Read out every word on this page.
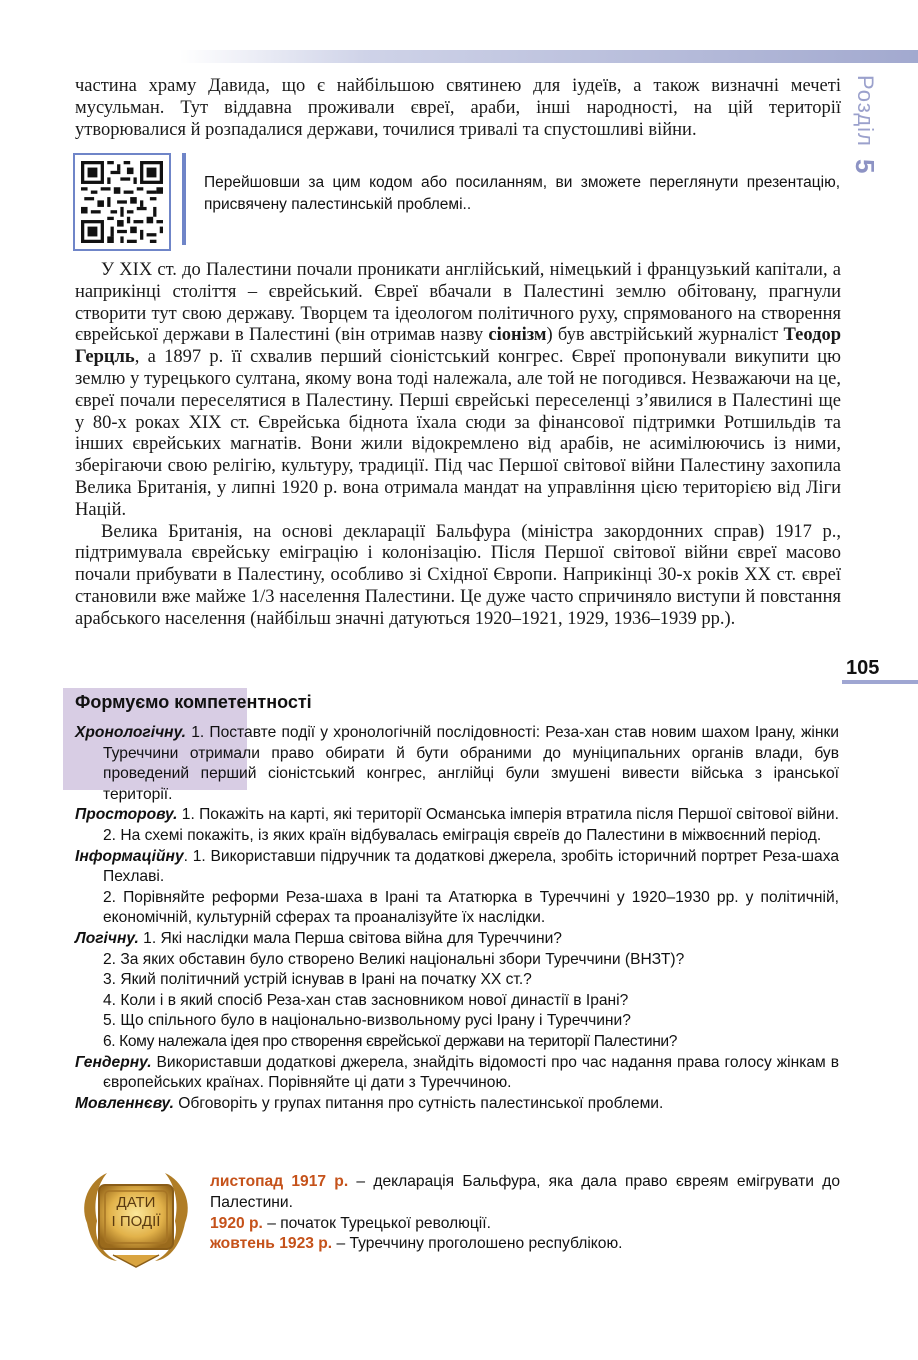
Розділ
5
частина храму Давида, що є найбільшою святинею для іудеїв, а також визначні мечеті мусульман. Тут віддавна проживали євреї, араби, інші народності, на цій території утворювалися й розпадалися держави, точилися тривалі та спустошливі війни.
Перейшовши за цим кодом або посиланням, ви зможете переглянути презентацію, присвячену палестинській проблемі..

У XIX ст. до Палестини почали проникати англійський, німецький і французький капітали, а наприкінці століття – єврейський. Євреї вбачали в Палестині землю обітовану, прагнули створити тут свою державу. Творцем та ідеологом політичного руху, спрямованого на створення єврейської держави в Палестині (він отримав назву сіонізм) був австрійський журналіст Теодор Герцль, а 1897 р. її схвалив перший сіоністський конгрес. Євреї пропонували викупити цю землю у турецького султана, якому вона тоді належала, але той не погодився. Незважаючи на це, євреї почали переселятися в Палестину. Перші єврейські переселенці з’явилися в Палестині ще у 80-х роках XIX ст. Єврейська біднота їхала сюди за фінансової підтримки Ротшильдів та інших єврейських магнатів. Вони жили відокремлено від арабів, не асимілюючись із ними, зберігаючи свою релігію, культуру, традиції. Під час Першої світової війни Палестину захопила Велика Британія, у липні 1920 р. вона отримала мандат на управління цією територією від Ліги Націй.

Велика Британія, на основі декларації Бальфура (міністра закордонних справ) 1917 р., підтримувала єврейську еміграцію і колонізацію. Після Першої світової війни євреї масово почали прибувати в Палестину, особливо зі Східної Європи. Наприкінці 30-х років XX ст. євреї становили вже майже 1/3 населення Палестини. Це дуже часто спричиняло виступи й повстання арабського населення (найбільш значні датуються 1920–1921, 1929, 1936–1939 рр.).

105
Формуємо компетентності
Хронологічну. 1. Поставте події у хронологічній послідовності: Реза-хан став новим шахом Ірану, жінки Туреччини отримали право обирати й бути обраними до муніципальних органів влади, був проведений перший сіоністський конгрес, англійці були змушені вивести війська з іранської території.
Просторову. 1. Покажіть на карті, які території Османська імперія втратила після Першої світової війни.
2. На схемі покажіть, із яких країн відбувалась еміграція євреїв до Палестини в міжвоєнний період.
Інформаційну. 1. Використавши підручник та додаткові джерела, зробіть історичний портрет Реза-шаха Пехлаві.
2. Порівняйте реформи Реза-шаха в Ірані та Ататюрка в Туреччині у 1920–1930 рр. у політичній, економічній, культурній сферах та проаналізуйте їх наслідки.
Логічну. 1. Які наслідки мала Перша світова війна для Туреччини?
2. За яких обставин було створено Великі національні збори Туреччини (ВНЗТ)?
3. Який політичний устрій існував в Ірані на початку XX ст.?
4. Коли і в який спосіб Реза-хан став засновником нової династії в Ірані?
5. Що спільного було в національно-визвольному русі Ірану і Туреччини?
6. Кому належала ідея про створення єврейської держави на території Палестини?
Гендерну. Використавши додаткові джерела, знайдіть відомості про час надання права голосу жінкам в європейських країнах. Порівняйте ці дати з Туреччиною.
Мовленнєву. Обговоріть у групах питання про сутність палестинської проблеми.
ДАТИ
І ПОДІЇ
листопад 1917 р. – декларація Бальфура, яка дала право євреям емігрувати до Палестини.
1920 р. – початок Турецької революції.
жовтень 1923 р. – Туреччину проголошено республікою.
